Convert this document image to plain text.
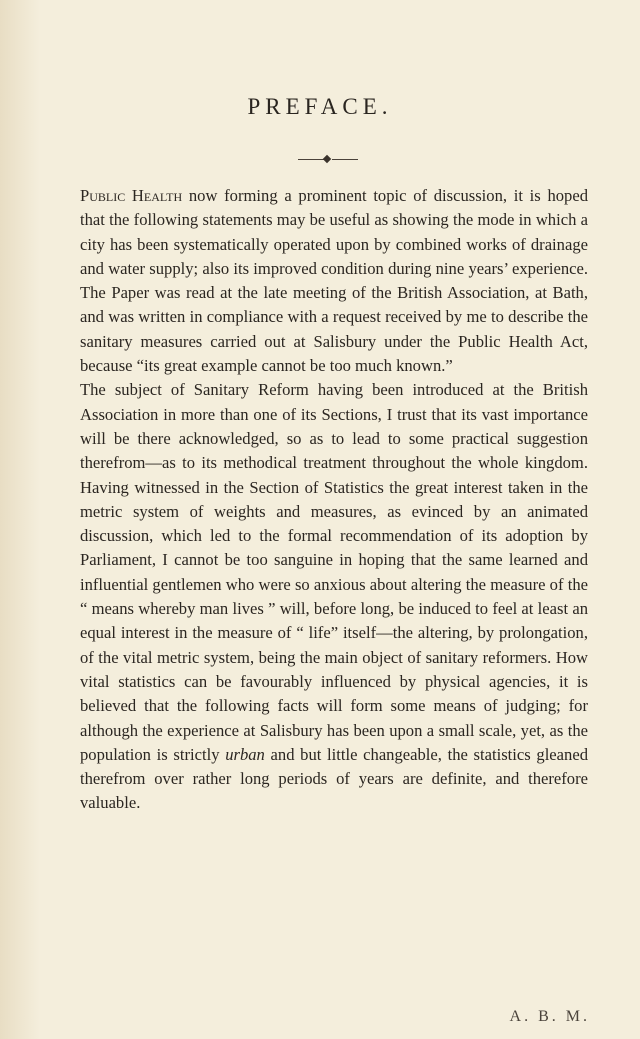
PREFACE.

Public Health now forming a prominent topic of discussion, it is hoped that the following statements may be useful as showing the mode in which a city has been systematically operated upon by combined works of drainage and water supply; also its improved condition during nine years’ experience. The Paper was read at the late meeting of the British Association, at Bath, and was written in compliance with a request received by me to describe the sanitary measures carried out at Salisbury under the Public Health Act, because “its great example cannot be too much known.”

The subject of Sanitary Reform having been introduced at the British Association in more than one of its Sections, I trust that its vast importance will be there acknowledged, so as to lead to some practical suggestion therefrom—as to its methodical treatment throughout the whole kingdom. Having witnessed in the Section of Statistics the great interest taken in the metric system of weights and measures, as evinced by an animated discussion, which led to the formal recommendation of its adoption by Parliament, I cannot be too sanguine in hoping that the same learned and influential gentlemen who were so anxious about altering the measure of the “ means whereby man lives ” will, before long, be induced to feel at least an equal interest in the measure of “ life” itself—the altering, by prolongation, of the vital metric system, being the main object of sanitary reformers. How vital statistics can be favourably influenced by physical agencies, it is believed that the following facts will form some means of judging; for although the experience at Salisbury has been upon a small scale, yet, as the population is strictly urban and but little changeable, the statistics gleaned therefrom over rather long periods of years are definite, and therefore valuable.

A. B. M.
